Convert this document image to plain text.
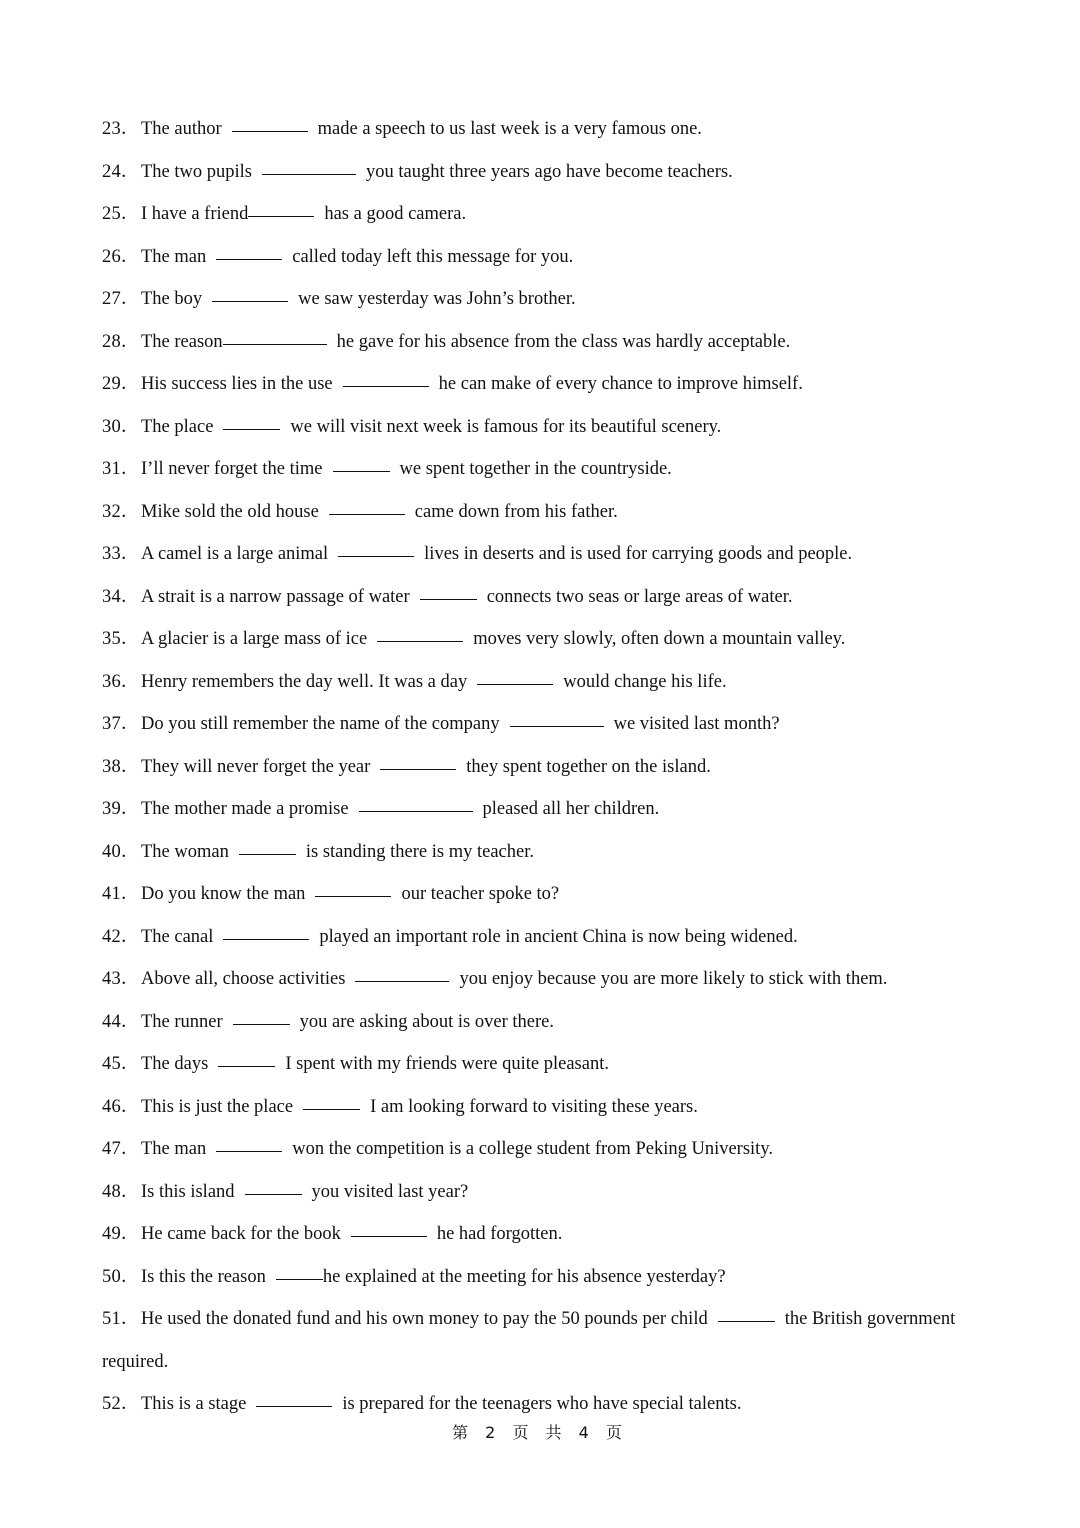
23． The author	made a speech to us last week is a very famous one.
24． The two pupils	you taught three years ago have become teachers.
25． I have a friend	has a good camera.
26． The man	called today left this message for you.
27． The boy	we saw yesterday was John’s brother.
28． The reason	he gave for his absence from the class was hardly acceptable.
29． His success lies in the use	he can make of every chance to improve himself.
30． The place	we will visit next week is famous for its beautiful scenery.
31． I’ll never forget the time	we spent together in the countryside.
32． Mike sold the old house	came down from his father.
33． A camel is a large animal	lives in deserts and is used for carrying goods and people.
34． A strait is a narrow passage of water	connects two seas or large areas of water.
35． A glacier is a large mass of ice	moves very slowly, often down a mountain valley.
36． Henry remembers the day well. It was a day	would change his life.
37． Do you still remember the name of the company	we visited last month?
38． They will never forget the year	they spent together on the island.
39． The mother made a promise	pleased all her children.
40． The woman	is standing there is my teacher.
41． Do you know the man	our teacher spoke to?
42． The canal	played an important role in ancient China is now being widened.
43． Above all, choose activities	you enjoy because you are more likely to stick with them.
44． The runner	you are asking about is over there.
45． The days	I spent with my friends were quite pleasant.
46． This is just the place	I am looking forward to visiting these years.
47． The man	won the competition is a college student from Peking University.
48． Is this island	you visited last year?
49． He came back for the book	he had forgotten.
50． Is this the reason	he explained at the meeting for his absence yesterday?
51．He used the donated fund and his own money to pay the 50 pounds per child	the British government
required.
52． This is a stage	is prepared for the teenagers who have special talents.
第 2 页 共 4 页
